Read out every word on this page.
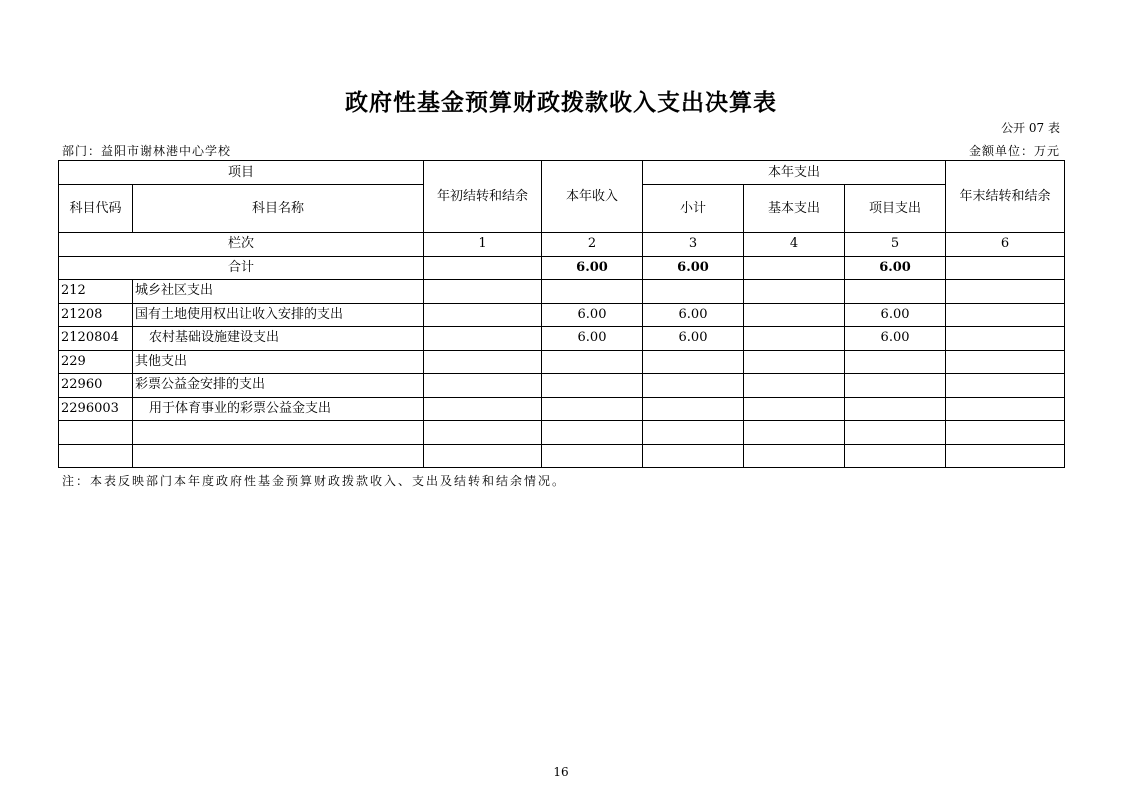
政府性基金预算财政拨款收入支出决算表
公开 07 表
部门：益阳市谢林港中心学校	金额单位：万元
项目		年初结转和结余	本年收入	本年支出			年末结转和结余
科目代码	科目名称			小计	基本支出	项目支出	
栏次		1	2	3	4	5	6
合计			6.00	6.00		6.00	
212	城乡社区支出						
21208	国有土地使用权出让收入安排的支出		6.00	6.00		6.00	
2120804	农村基础设施建设支出		6.00	6.00		6.00	
229	其他支出						
22960	彩票公益金安排的支出						
2296003	用于体育事业的彩票公益金支出						

注：本表反映部门本年度政府性基金预算财政拨款收入、支出及结转和结余情况。
16
